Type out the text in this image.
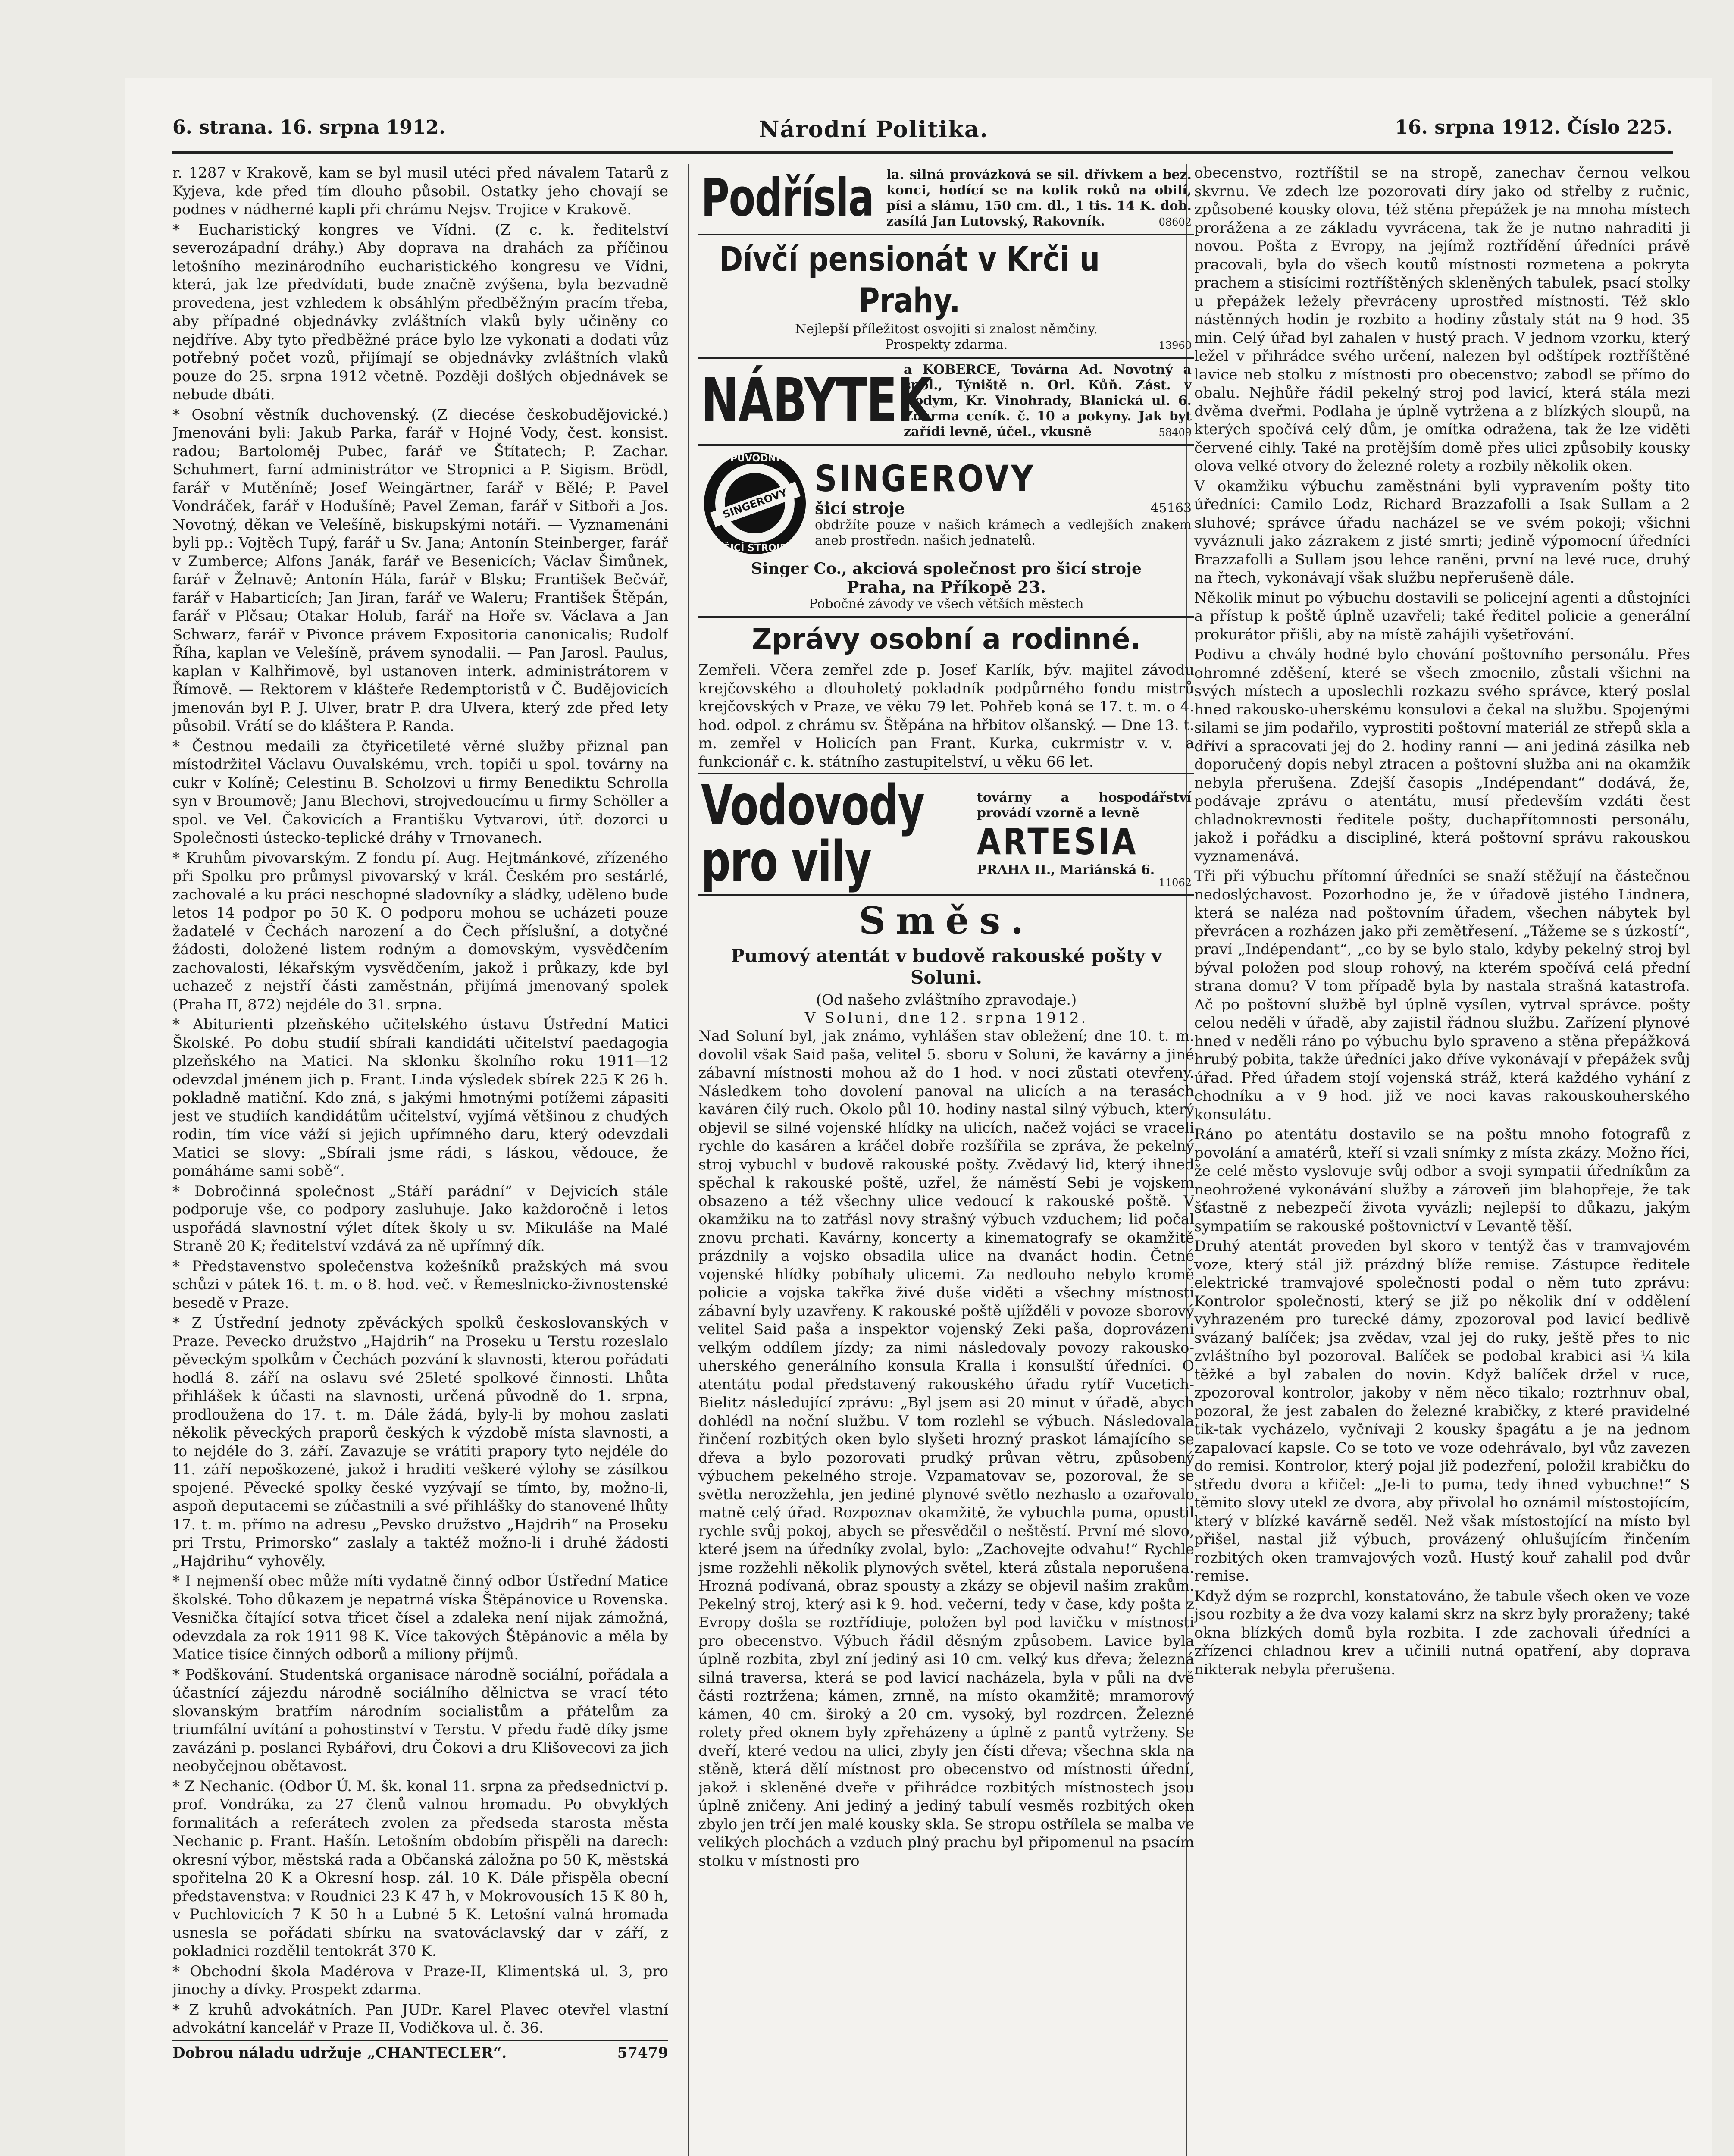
6. strana. 16. srpna 1912.	Národní Politika.	16. srpna 1912. Číslo 225.

r. 1287 v Krakově, kam se byl musil utéci před návalem Tatarů z Kyjeva, kde před tím dlouho působil. Ostatky jeho chovají se podnes v nádherné kapli při chrámu Nejsv. Trojice v Krakově.

* Eucharistický kongres ve Vídni. (Z c. k. ředitelství severozápadní dráhy.) Aby doprava na drahách za příčinou letošního mezinárodního eucharistického kongresu ve Vídni, která, jak lze předvídati, bude značně zvýšena, byla bezvadně provedena, jest vzhledem k obsáhlým předběžným pracím třeba, aby případné objednávky zvláštních vlaků byly učiněny co nejdříve. Aby tyto předběžné práce bylo lze vykonati a dodati vůz potřebný počet vozů, přijímají se objednávky zvláštních vlaků pouze do 25. srpna 1912 včetně. Později došlých objednávek se nebude dbáti.

* Osobní věstník duchovenský. (Z diecése českobudějovické.) Jmenováni byli: Jakub Parka, farář v Hojné Vody, čest. konsist. radou; Bartoloměj Pubec, farář ve Štítatech; P. Zachar. Schuhmert, farní administrátor ve Stropnici a P. Sigism. Brödl, farář v Mutěníně; Josef Weingärtner, farář v Bělé; P. Pavel Vondráček, farář v Hodušíně; Pavel Zeman, farář v Sitboři a Jos. Novotný, děkan ve Velešíně, biskupskými notáři. — Vyznamenáni byli pp.: Vojtěch Tupý, farář u Sv. Jana; Antonín Steinberger, farář v Zumberce; Alfons Janák, farář ve Besenicích; Václav Šimůnek, farář v Želnavě; Antonín Hála, farář v Blsku; František Bečvář, farář v Habarticích; Jan Jiran, farář ve Waleru; František Štěpán, farář v Plčsau; Otakar Holub, farář na Hoře sv. Václava a Jan Schwarz, farář v Pivonce právem Expositoria canonicalis; Rudolf Říha, kaplan ve Velešíně, právem synodalii. — Pan Jarosl. Paulus, kaplan v Kalhřimově, byl ustanoven interk. administrátorem v Římově. — Rektorem v klášteře Redemptoristů v Č. Budějovicích jmenován byl P. J. Ulver, bratr P. dra Ulvera, který zde před lety působil. Vrátí se do kláštera P. Randa.

* Čestnou medaili za čtyřicetileté věrné služby přiznal pan místodržitel Václavu Ouvalskému, vrch. topiči u spol. továrny na cukr v Kolíně; Celestinu B. Scholzovi u firmy Benediktu Schrolla syn v Broumově; Janu Blechovi, strojvedoucímu u firmy Schöller a spol. ve Vel. Čakovicích a Františku Vytvarovi, útř. dozorci u Společnosti ústecko-teplické dráhy v Trnovanech.

* Kruhům pivovarským. Z fondu pí. Aug. Hejtmánkové, zřízeného při Spolku pro průmysl pivovarský v král. Českém pro sestárlé, zachovalé a ku práci neschopné sladovníky a sládky, uděleno bude letos 14 podpor po 50 K. O podporu mohou se ucházeti pouze žadatelé v Čechách narození a do Čech příslušní, a dotyčné žádosti, doložené listem rodným a domovským, vysvědčením zachovalosti, lékařským vysvědčením, jakož i průkazy, kde byl uchazeč z nejstří části zaměstnán, přijímá jmenovaný spolek (Praha II, 872) nejdéle do 31. srpna.

* Abiturienti plzeňského učitelského ústavu Ústřední Matici Školské. Po dobu studií sbírali kandidáti učitelství paedagogia plzeňského na Matici. Na sklonku školního roku 1911—12 odevzdal jménem jich p. Frant. Linda výsledek sbírek 225 K 26 h. pokladně matiční. Kdo zná, s jakými hmotnými potížemi zápasiti jest ve studiích kandidátům učitelství, vyjímá většinou z chudých rodin, tím více váží si jejich upřímného daru, který odevzdali Matici se slovy: „Sbírali jsme rádi, s láskou, vědouce, že pomáháme sami sobě“.

* Dobročinná společnost „Stáří parádní“ v Dejvicích stále podporuje vše, co podpory zasluhuje. Jako každoročně i letos uspořádá slavnostní výlet dítek školy u sv. Mikuláše na Malé Straně 20 K; ředitelství vzdává za ně upřímný dík.

* Představenstvo společenstva kožešníků pražských má svou schůzi v pátek 16. t. m. o 8. hod. več. v Řemeslnicko-živnostenské besedě v Praze.

* Z Ústřední jednoty zpěváckých spolků českoslovanských v Praze. Pevecko družstvo „Hajdrih“ na Proseku u Terstu rozeslalo pěveckým spolkům v Čechách pozvání k slavnosti, kterou pořádati hodlá 8. září na oslavu své 25leté spolkové činnosti. Lhůta přihlášek k účasti na slavnosti, určená původně do 1. srpna, prodloužena do 17. t. m. Dále žádá, byly-li by mohou zaslati několik pěveckých praporů českých k výzdobě místa slavnosti, a to nejdéle do 3. září. Zavazuje se vrátiti prapory tyto nejdéle do 11. září nepoškozené, jakož i hraditi veškeré výlohy se zásílkou spojené. Pěvecké spolky české vyzývají se tímto, by, možno-li, aspoň deputacemi se zúčastnili a své přihlášky do stanovené lhůty 17. t. m. přímo na adresu „Pevsko družstvo „Hajdrih“ na Proseku pri Trstu, Primorsko“ zaslaly a taktéž možno-li i druhé žádosti „Hajdrihu“ vyhověly.

* I nejmenší obec může míti vydatně činný odbor Ústřední Matice školské. Toho důkazem je nepatrná víska Štěpánovice u Rovenska. Vesnička čítající sotva třicet čísel a zdaleka není nijak zámožná, odevzdala za rok 1911 98 K. Více takových Štěpánovic a měla by Matice tisíce činných odborů a miliony příjmů.

* Podškování. Studentská organisace národně sociální, pořádala a účastnící zájezdu národně sociálního dělnictva se vrací této slovanským bratřím národním socialistům a přátelům za triumfální uvítání a pohostinství v Terstu. V předu řadě díky jsme zavázáni p. poslanci Rybářovi, dru Čokovi a dru Klišovecovi za jich neobyčejnou obětavost.

* Z Nechanic. (Odbor Ú. M. šk. konal 11. srpna za předsednictví p. prof. Vondráka, za 27 členů valnou hromadu. Po obvyklých formalitách a referátech zvolen za předseda starosta města Nechanic p. Frant. Hašín. Letošním obdobím přispěli na darech: okresní výbor, městská rada a Občanská záložna po 50 K, městská spořitelna 20 K a Okresní hosp. zál. 10 K. Dále přispěla obecní představenstva: v Roudnici 23 K 47 h, v Mokrovousích 15 K 80 h, v Puchlovicích 7 K 50 h a Lubné 5 K. Letošní valná hromada usnesla se pořádati sbírku na svatováclavský dar v září, z pokladnici rozdělil tentokrát 370 K.

* Obchodní škola Madérova v Praze-II, Klimentská ul. 3, pro jinochy a dívky. Prospekt zdarma.

* Z kruhů advokátních. Pan JUDr. Karel Plavec otevřel vlastní advokátní kancelář v Praze II, Vodičkova ul. č. 36.

Dobrou náladu udržuje „CHANTECLER“.	57479
Podřísla la. silná provázková se sil. dřívkem a bez. konci, hodící se na kolik roků na obilí, písi a slámu, 150 cm. dl., 1 tis. 14 K. dob. zasílá Jan Lutovský, Rakovník.	08602
Dívčí pensionát v Krči u Prahy.
Nejlepší příležitost osvojiti si znalost němčiny.
Prospekty zdarma.	13960
NÁBYTEK
a KOBERCE, Továrna Ad. Novotný a spol., Týniště n. Orl. Kůň. Zást. v Kodym, Kr. Vinohrady, Blanická ul. 6. Zdarma ceník. č. 10 a pokyny. Jak byt zařídi levně, účel., vkusně	58409
SINGEROVY
PŮVODNÍ
ŠICÍ STROJE
SINGEROVY
šicí stroje	45163
obdržíte pouze v našich krámech a vedlejších znakem aneb prostředn. našich jednatelů.
Singer Co., akciová společnost pro šicí stroje
Praha, na Příkopě 23.
Pobočné závody ve všech větších městech
Zprávy osobní a rodinné.

Zemřeli. Včera zemřel zde p. Josef Karlík, býv. majitel závodu krejčovského a dlouholetý pokladník podpůrného fondu mistrů krejčovských v Praze, ve věku 79 let. Pohřeb koná se 17. t. m. o 4. hod. odpol. z chrámu sv. Štěpána na hřbitov olšanský. — Dne 13. t. m. zemřel v Holicích pan Frant. Kurka, cukrmistr v. v. a funkcionář c. k. státního zastupitelství, u věku 66 let.

Vodovody pro vily
továrny a hospodářství provádí vzorně a levně
ARTESIA
PRAHA II., Mariánská 6.
11062
Směs.
Pumový atentát v budově rakouské pošty v Soluni.
(Od našeho zvláštního zpravodaje.)
V Soluni, dne 12. srpna 1912.

Nad Soluní byl, jak známo, vyhlášen stav obležení; dne 10. t. m. dovolil však Said paša, velitel 5. sboru v Soluni, že kavárny a jiné zábavní místnosti mohou až do 1 hod. v noci zůstati otevřeny. Následkem toho dovolení panoval na ulicích a na terasách kaváren čilý ruch. Okolo půl 10. hodiny nastal silný výbuch, který objevil se silné vojenské hlídky na ulicích, načež vojáci se vraceli rychle do kasáren a kráčel dobře rozšířila se zpráva, že pekelný stroj vybuchl v budově rakouské pošty. Zvědavý lid, který ihned spěchal k rakouské poště, uzřel, že náměstí Sebi je vojskem obsazeno a též všechny ulice vedoucí k rakouské poště. V okamžiku na to zatřásl novy strašný výbuch vzduchem; lid počal znovu prchati. Kavárny, koncerty a kinematografy se okamžitě prázdnily a vojsko obsadila ulice na dvanáct hodin. Četné vojenské hlídky pobíhaly ulicemi. Za nedlouho nebylo kromě policie a vojska takřka živé duše viděti a všechny místnosti zábavní byly uzavřeny. K rakouské poště ujížděli v povoze sborový velitel Said paša a inspektor vojenský Zeki paša, doprovázeni velkým oddílem jízdy; za nimi následovaly povozy rakousko-uherského generálního konsula Kralla i konsulští úředníci. O atentátu podal představený rakouského úřadu rytíř Vucetich-Bielitz následující zprávu: „Byl jsem asi 20 minut v úřadě, abych dohlédl na noční službu. V tom rozlehl se výbuch. Následovala řinčení rozbitých oken bylo slyšeti hrozný praskot lámajícího se dřeva a bylo pozorovati prudký průvan větru, způsobený výbuchem pekelného stroje. Vzpamatovav se, pozoroval, že se světla nerozžehla, jen jediné plynové světlo nezhaslo a ozařovalo matně celý úřad. Rozpoznav okamžitě, že vybuchla puma, opustil rychle svůj pokoj, abych se přesvědčil o neštěstí. První mé slovo, které jsem na úředníky zvolal, bylo: „Zachovejte odvahu!“ Rychle jsme rozžehli několik plynových světel, která zůstala neporušena. Hrozná podívaná, obraz spousty a zkázy se objevil našim zrakům. Pekelný stroj, který asi k 9. hod. večerní, tedy v čase, kdy pošta z Evropy došla se roztřídiuje, položen byl pod lavičku v místnosti pro obecenstvo. Výbuch řádil děsným způsobem. Lavice byla úplně rozbita, zbyl zní jediný asi 10 cm. velký kus dřeva; železná silná traversa, která se pod lavicí nacházela, byla v půli na dvě části roztržena; kámen, zrnně, na místo okamžitě; mramorový kámen, 40 cm. široký a 20 cm. vysoký, byl rozdrcen. Železné rolety před oknem byly zpřeházeny a úplně z pantů vytrženy. Se dveří, které vedou na ulici, zbyly jen čísti dřeva; všechna skla na stěně, která dělí místnost pro obecenstvo od místnosti úřední, jakož i skleněné dveře v přihrádce rozbitých místnostech jsou úplně zničeny. Ani jediný a jediný tabulí vesměs rozbitých oken zbylo jen trčí jen malé kousky skla. Se stropu ostřílela se malba ve velikých plochách a vzduch plný prachu byl připomenul na psacím stolku v místnosti pro

obecenstvo, roztříštil se na stropě, zanechav černou velkou skvrnu. Ve zdech lze pozorovati díry jako od střelby z ručnic, způsobené kousky olova, též stěna přepážek je na mnoha místech prorážena a ze základu vyvrácena, tak že je nutno nahraditi ji novou. Pošta z Evropy, na jejímž roztřídění úředníci právě pracovali, byla do všech koutů místnosti rozmetena a pokryta prachem a stisícimi roztříštěných skleněných tabulek, psací stolky u přepážek ležely převráceny uprostřed místnosti. Též sklo nástěnných hodin je rozbito a hodiny zůstaly stát na 9 hod. 35 min. Celý úřad byl zahalen v hustý prach. V jednom vzorku, který ležel v přihrádce svého určení, nalezen byl odštípek roztříštěné lavice neb stolku z místnosti pro obecenstvo; zabodl se přímo do obalu. Nejhůře řádil pekelný stroj pod lavicí, která stála mezi dvěma dveřmi. Podlaha je úplně vytržena a z blízkých sloupů, na kterých spočívá celý dům, je omítka odražena, tak že lze viděti červené cihly. Také na protějším domě přes ulici způsobily kousky olova velké otvory do železné rolety a rozbily několik oken.

V okamžiku výbuchu zaměstnáni byli vypravením pošty tito úředníci: Camilo Lodz, Richard Brazzafolli a Isak Sullam a 2 sluhové; správce úřadu nacházel se ve svém pokoji; všichni vyváznuli jako zázrakem z jisté smrti; jedině výpomocní úředníci Brazzafolli a Sullam jsou lehce raněni, první na levé ruce, druhý na řtech, vykonávají však službu nepřerušeně dále.

Několik minut po výbuchu dostavili se policejní agenti a důstojníci a přístup k poště úplně uzavřeli; také ředitel policie a generální prokurátor přišli, aby na místě zahájili vyšetřování.

Podivu a chvály hodné bylo chování poštovního personálu. Přes ohromné zděšení, které se všech zmocnilo, zůstali všichni na svých místech a uposlechli rozkazu svého správce, který poslal hned rakousko-uherskému konsulovi a čekal na službu. Spojenými silami se jim podařilo, vyprostiti poštovní materiál ze střepů skla a dříví a spracovati jej do 2. hodiny ranní — ani jediná zásilka neb doporučený dopis nebyl ztracen a poštovní služba ani na okamžik nebyla přerušena. Zdejší časopis „Indépendant“ dodává, že, podávaje zprávu o atentátu, musí především vzdáti čest chladnokrevnosti ředitele pošty, duchapřítomnosti personálu, jakož i pořádku a discipliné, která poštovní správu rakouskou vyznamenává.

Tři při výbuchu přítomní úředníci se snaží stěžují na částečnou nedoslýchavost. Pozorhodno je, že v úřadově jistého Lindnera, která se naléza nad poštovním úřadem, všechen nábytek byl převrácen a rozházen jako při zemětřesení. „Tážeme se s úzkostí“, praví „Indépendant“, „co by se bylo stalo, kdyby pekelný stroj byl býval položen pod sloup rohový, na kterém spočívá celá přední strana domu? V tom případě byla by nastala strašná katastrofa. Ač po poštovní službě byl úplně vysílen, vytrval správce. pošty celou neděli v úřadě, aby zajistil řádnou službu. Zařízení plynové hned v neděli ráno po výbuchu bylo spraveno a stěna přepážková hrubý pobita, takže úředníci jako dříve vykonávají v přepážek svůj úřad. Před úřadem stojí vojenská stráž, která každého vyhání z chodníku a v 9 hod. již ve noci kavas rakouskouherského konsulátu.

Ráno po atentátu dostavilo se na poštu mnoho fotografů z povolání a amatérů, kteří si vzali snímky z místa zkázy. Možno říci, že celé město vyslovuje svůj odbor a svoji sympatii úředníkům za neohrožené vykonávání služby a zároveň jim blahopřeje, že tak šťastně z nebezpečí života vyvázli; nejlepší to důkazu, jakým sympatiím se rakouské poštovnictví v Levantě těší.

Druhý atentát proveden byl skoro v tentýž čas v tramvajovém voze, který stál již prázdný blíže remise. Zástupce ředitele elektrické tramvajové společnosti podal o něm tuto zprávu: Kontrolor společnosti, který se již po několik dní v oddělení vyhrazeném pro turecké dámy, zpozoroval pod lavicí bedlivě svázaný balíček; jsa zvědav, vzal jej do ruky, ještě přes to nic zvláštního byl pozoroval. Balíček se podobal krabici asi ¼ kila těžké a byl zabalen do novin. Když balíček držel v ruce, zpozoroval kontrolor, jakoby v něm něco tikalo; roztrhnuv obal, pozoral, že jest zabalen do železné krabičky, z které pravidelné tik-tak vycházelo, vyčnívaji 2 kousky špagátu a je na jednom zapalovací kapsle. Co se toto ve voze odehrávalo, byl vůz zavezen do remisi. Kontrolor, který pojal již podezření, položil krabičku do středu dvora a křičel: „Je-li to puma, tedy ihned vybuchne!“ S těmito slovy utekl ze dvora, aby přivolal ho oznámil místostojícím, který v blízké kavárně seděl. Než však místostojící na místo byl přišel, nastal již výbuch, provázený ohlušujícím řinčením rozbitých oken tramvajových vozů. Hustý kouř zahalil pod dvůr remise.

Když dým se rozprchl, konstatováno, že tabule všech oken ve voze jsou rozbity a že dva vozy kalami skrz na skrz byly proraženy; také okna blízkých domů byla rozbita. I zde zachovali úředníci a zřízenci chladnou krev a učinili nutná opatření, aby doprava nikterak nebyla přerušena.
